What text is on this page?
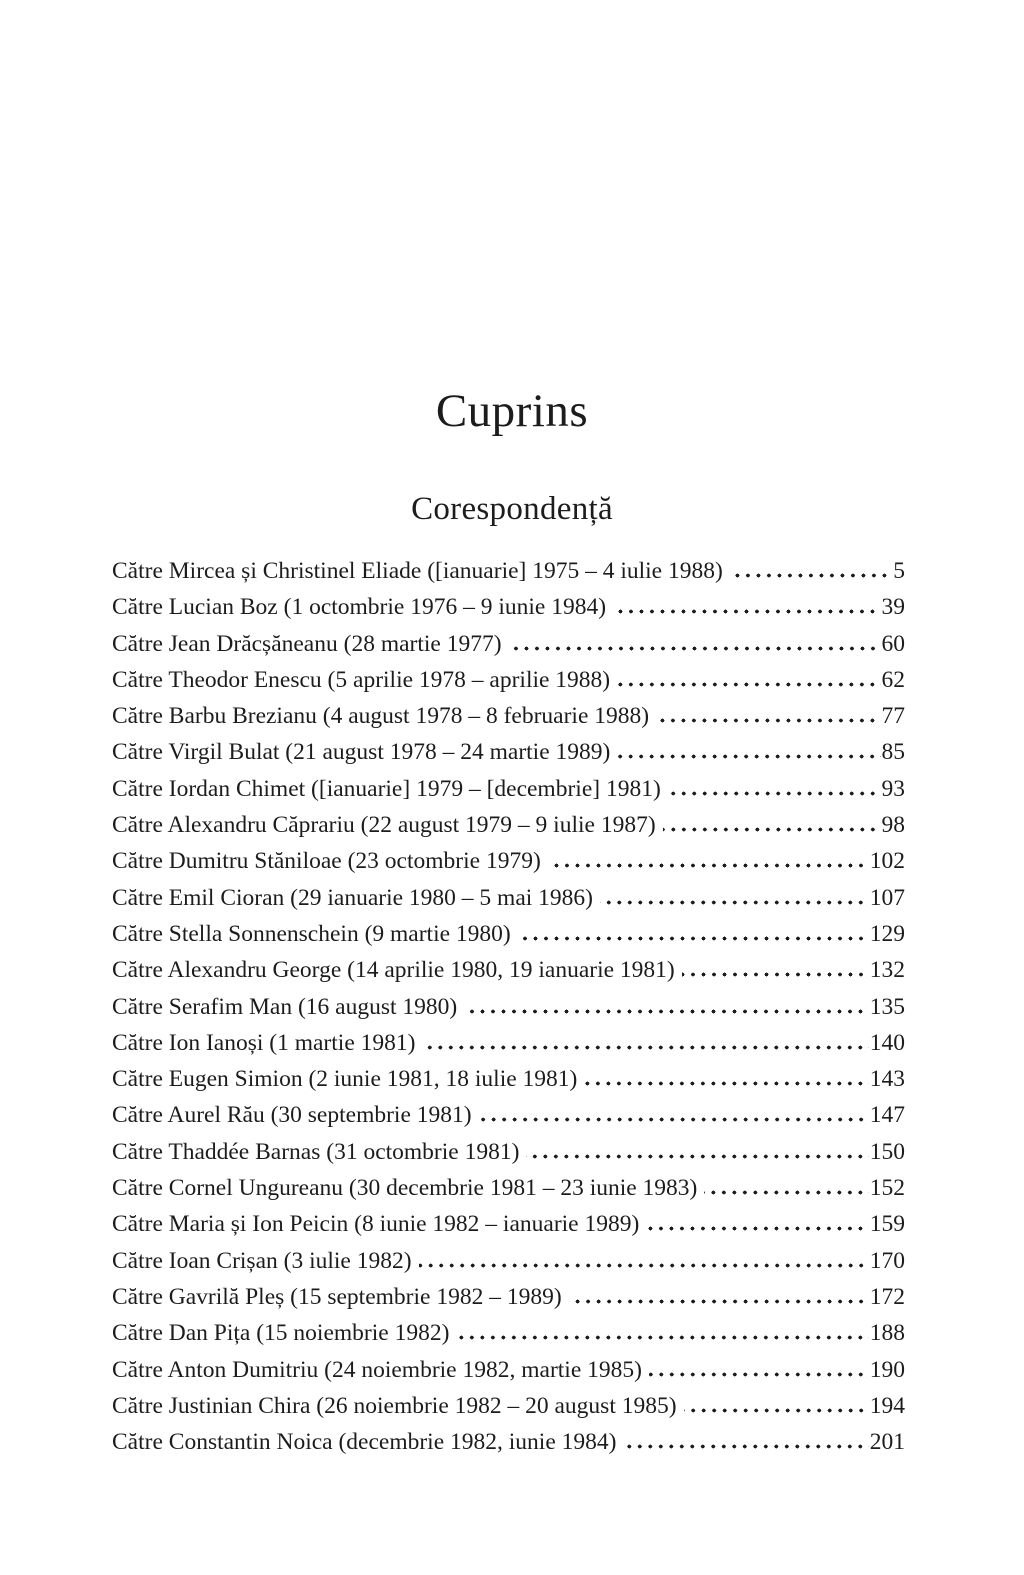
Cuprins
Corespondență
Către Mircea și Christinel Eliade ([ianuarie] 1975 – 4 iulie 1988)	5
Către Lucian Boz (1 octombrie 1976 – 9 iunie 1984)	39
Către Jean Drăcșăneanu (28 martie 1977)	60
Către Theodor Enescu (5 aprilie 1978 – aprilie 1988)	62
Către Barbu Brezianu (4 august 1978 – 8 februarie 1988)	77
Către Virgil Bulat (21 august 1978 – 24 martie 1989)	85
Către Iordan Chimet ([ianuarie] 1979 – [decembrie] 1981)	93
Către Alexandru Căprariu (22 august 1979 – 9 iulie 1987)	98
Către Dumitru Stăniloae (23 octombrie 1979)	102
Către Emil Cioran (29 ianuarie 1980 – 5 mai 1986)	107
Către Stella Sonnenschein (9 martie 1980)	129
Către Alexandru George (14 aprilie 1980, 19 ianuarie 1981)	132
Către Serafim Man (16 august 1980)	135
Către Ion Ianoși (1 martie 1981)	140
Către Eugen Simion (2 iunie 1981, 18 iulie 1981)	143
Către Aurel Rău (30 septembrie 1981)	147
Către Thaddée Barnas (31 octombrie 1981)	150
Către Cornel Ungureanu (30 decembrie 1981 – 23 iunie 1983)	152
Către Maria și Ion Peicin (8 iunie 1982 – ianuarie 1989)	159
Către Ioan Crișan (3 iulie 1982)	170
Către Gavrilă Pleș (15 septembrie 1982 – 1989)	172
Către Dan Pița (15 noiembrie 1982)	188
Către Anton Dumitriu (24 noiembrie 1982, martie 1985)	190
Către Justinian Chira (26 noiembrie 1982 – 20 august 1985)	194
Către Constantin Noica (decembrie 1982, iunie 1984)	201
